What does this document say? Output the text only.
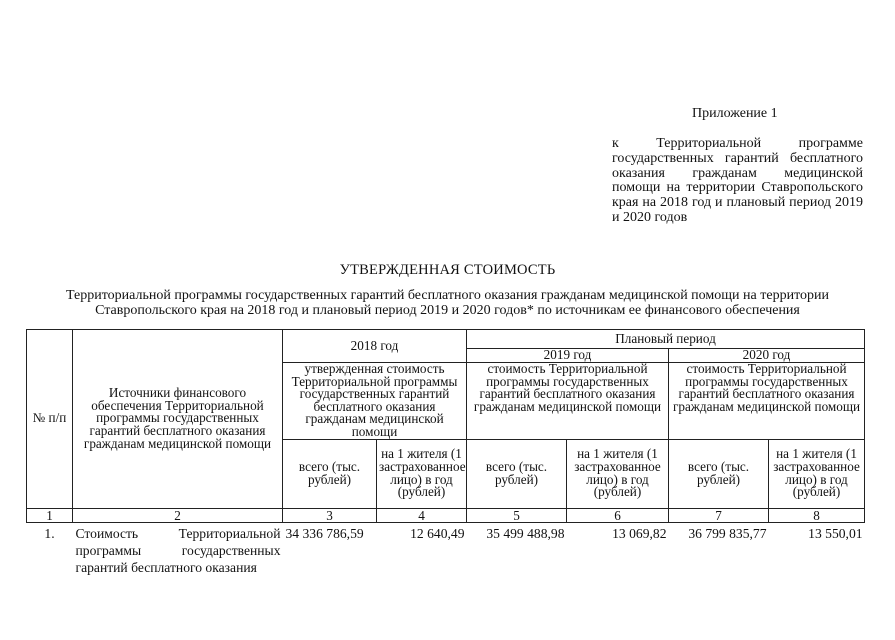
Приложение 1
к Территориальной программе государственных гарантий бесплатного оказания гражданам медицинской помощи на территории Ставропольского края на 2018 год и плановый период 2019 и 2020 годов
УТВЕРЖДЕННАЯ СТОИМОСТЬ
Территориальной программы государственных гарантий бесплатного оказания гражданам медицинской помощи на территории Ставропольского края на 2018 год и плановый период 2019 и 2020 годов* по источникам ее финансового обеспечения
№ п/п	Источники финансового обеспечения Территориальной программы государственных гарантий бесплатного оказания гражданам медицинской помощи	2018 год		Плановый период			
				2019 год		2020 год	
		утвержденная стоимость Территориальной программы государственных гарантий бесплатного оказания гражданам медицинской помощи		стоимость Территориальной программы государственных гарантий бесплатного оказания гражданам медицинской помощи		стоимость Территориальной программы государственных гарантий бесплатного оказания гражданам медицинской помощи	
		всего (тыс. рублей)	на 1 жителя (1 застрахованное лицо) в год (рублей)	всего (тыс. рублей)	на 1 жителя (1 застрахованное лицо) в год (рублей)	всего (тыс. рублей)	на 1 жителя (1 застрахованное лицо) в год (рублей)
1	2	3	4	5	6	7	8
1.	Стоимость Территориальной программы государственных гарантий бесплатного оказания	34 336 786,59	12 640,49	35 499 488,98	13 069,82	36 799 835,77	13 550,01
